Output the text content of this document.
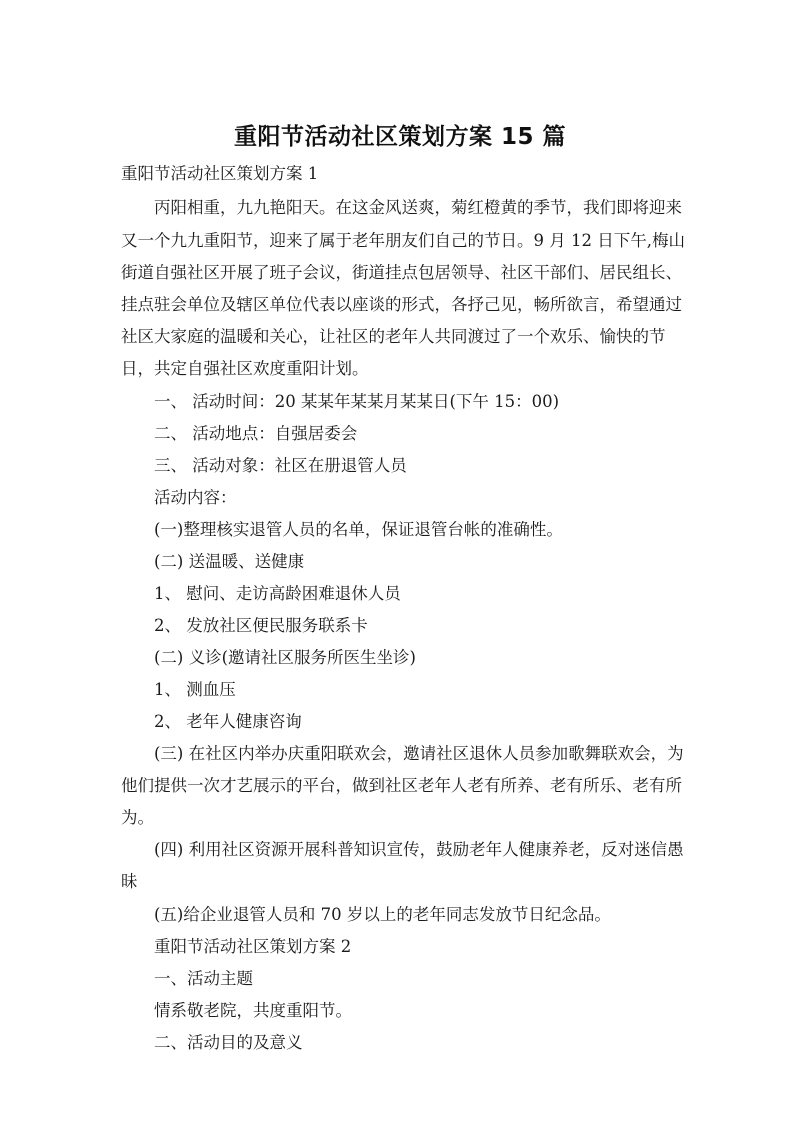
重阳节活动社区策划方案 15 篇
重阳节活动社区策划方案 1
丙阳相重，九九艳阳天。在这金风送爽，菊红橙黄的季节，我们即将迎来
又一个九九重阳节，迎来了属于老年朋友们自己的节日。9 月 12 日下午,梅山
街道自强社区开展了班子会议，街道挂点包居领导、社区干部们、居民组长、
挂点驻会单位及辖区单位代表以座谈的形式，各抒己见，畅所欲言，希望通过
社区大家庭的温暖和关心，让社区的老年人共同渡过了一个欢乐、愉快的节
日，共定自强社区欢度重阳计划。
一、 活动时间：20 某某年某某月某某日(下午 15：00)
二、 活动地点：自强居委会
三、 活动对象：社区在册退管人员
活动内容：
(一)整理核实退管人员的名单，保证退管台帐的准确性。
(二) 送温暖、送健康
1、 慰问、走访高龄困难退休人员
2、 发放社区便民服务联系卡
(二) 义诊(邀请社区服务所医生坐诊)
1、 测血压
2、 老年人健康咨询
(三) 在社区内举办庆重阳联欢会，邀请社区退休人员参加歌舞联欢会，为
他们提供一次才艺展示的平台，做到社区老年人老有所养、老有所乐、老有所
为。
(四) 利用社区资源开展科普知识宣传，鼓励老年人健康养老，反对迷信愚
昧
(五)给企业退管人员和 70 岁以上的老年同志发放节日纪念品。
重阳节活动社区策划方案 2
一、活动主题
情系敬老院，共度重阳节。
二、活动目的及意义
